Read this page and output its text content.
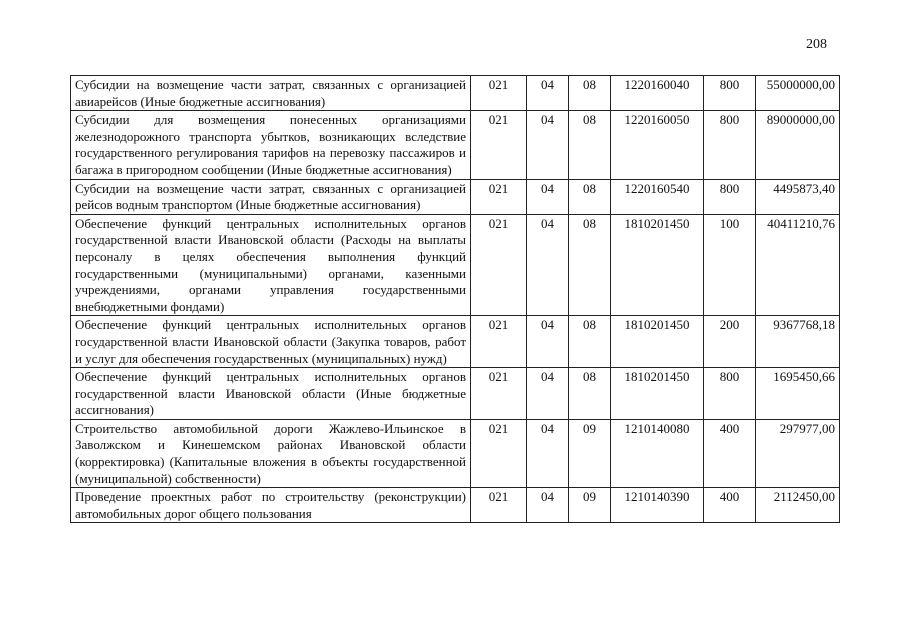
208
Субсидии на возмещение части затрат, связанных с организацией авиарейсов (Иные бюджетные ассигнования)	021	04	08	1220160040	800	55000000,00
Субсидии для возмещения понесенных организациями железнодорожного транспорта убытков, возникающих вследствие государственного регулирования тарифов на перевозку пассажиров и багажа в пригородном сообщении (Иные бюджетные ассигнования)	021	04	08	1220160050	800	89000000,00
Субсидии на возмещение части затрат, связанных с организацией рейсов водным транспортом (Иные бюджетные ассигнования)	021	04	08	1220160540	800	4495873,40
Обеспечение функций центральных исполнительных органов государственной власти Ивановской области (Расходы на выплаты персоналу в целях обеспечения выполнения функций государственными (муниципальными) органами, казенными учреждениями, органами управления государственными внебюджетными фондами)	021	04	08	1810201450	100	40411210,76
Обеспечение функций центральных исполнительных органов государственной власти Ивановской области (Закупка товаров, работ и услуг для обеспечения государственных (муниципальных) нужд)	021	04	08	1810201450	200	9367768,18
Обеспечение функций центральных исполнительных органов государственной власти Ивановской области (Иные бюджетные ассигнования)	021	04	08	1810201450	800	1695450,66
Строительство автомобильной дороги Жажлево-Ильинское в Заволжском и Кинешемском районах Ивановской области (корректировка) (Капитальные вложения в объекты государственной (муниципальной) собственности)	021	04	09	1210140080	400	297977,00
Проведение проектных работ по строительству (реконструкции) автомобильных дорог общего пользования	021	04	09	1210140390	400	2112450,00
